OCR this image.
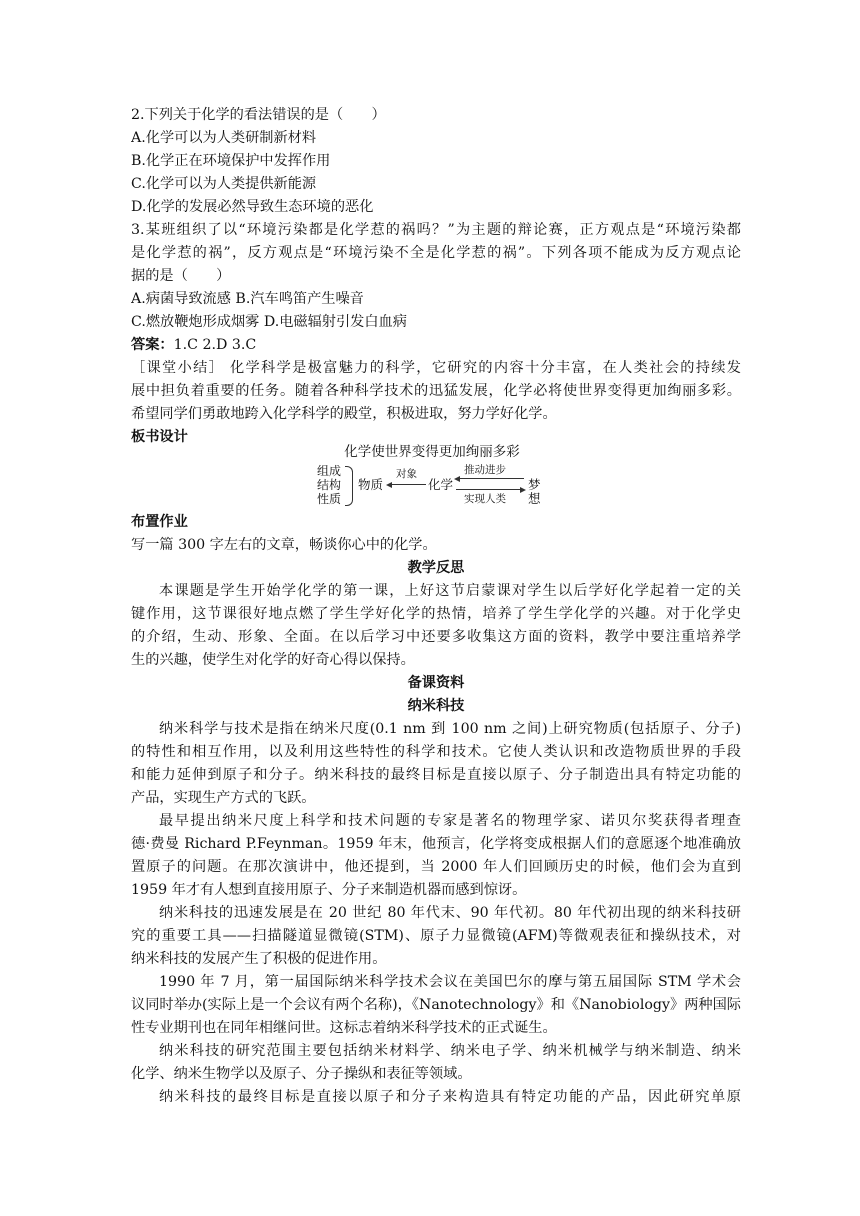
2.下列关于化学的看法错误的是（　　）
A.化学可以为人类研制新材料
B.化学正在环境保护中发挥作用
C.化学可以为人类提供新能源
D.化学的发展必然导致生态环境的恶化
3.某班组织了以“环境污染都是化学惹的祸吗？”为主题的辩论赛，正方观点是“环境污染都
是化学惹的祸”，反方观点是“环境污染不全是化学惹的祸”。下列各项不能成为反方观点论
据的是（　　）
A.病菌导致流感 B.汽车鸣笛产生噪音
C.燃放鞭炮形成烟雾 D.电磁辐射引发白血病
答案：1.C 2.D 3.C
［课堂小结］ 化学科学是极富魅力的科学，它研究的内容十分丰富，在人类社会的持续发
展中担负着重要的任务。随着各种科学技术的迅猛发展，化学必将使世界变得更加绚丽多彩。
希望同学们勇敢地跨入化学科学的殿堂，积极进取，努力学好化学。
板书设计
化学使世界变得更加绚丽多彩
组成
结构
性质
物质
对象
化学
推动进步
实现人类
梦想
布置作业
写一篇 300 字左右的文章，畅谈你心中的化学。
教学反思
本课题是学生开始学化学的第一课，上好这节启蒙课对学生以后学好化学起着一定的关
键作用，这节课很好地点燃了学生学好化学的热情，培养了学生学化学的兴趣。对于化学史
的介绍，生动、形象、全面。在以后学习中还要多收集这方面的资料，教学中要注重培养学
生的兴趣，使学生对化学的好奇心得以保持。
备课资料
纳米科技
纳米科学与技术是指在纳米尺度(0.1 nm 到 100 nm 之间)上研究物质(包括原子、分子)
的特性和相互作用，以及利用这些特性的科学和技术。它使人类认识和改造物质世界的手段
和能力延伸到原子和分子。纳米科技的最终目标是直接以原子、分子制造出具有特定功能的
产品，实现生产方式的飞跃。
最早提出纳米尺度上科学和技术问题的专家是著名的物理学家、诺贝尔奖获得者理查
德·费曼 Richard P.Feynman。1959 年末，他预言，化学将变成根据人们的意愿逐个地准确放
置原子的问题。在那次演讲中，他还提到，当 2000 年人们回顾历史的时候，他们会为直到
1959 年才有人想到直接用原子、分子来制造机器而感到惊讶。
纳米科技的迅速发展是在 20 世纪 80 年代末、90 年代初。80 年代初出现的纳米科技研
究的重要工具——扫描隧道显微镜(STM)、原子力显微镜(AFM)等微观表征和操纵技术，对
纳米科技的发展产生了积极的促进作用。
1990 年 7 月，第一届国际纳米科学技术会议在美国巴尔的摩与第五届国际 STM 学术会
议同时举办(实际上是一个会议有两个名称)，《Nanotechnology》和《Nanobiology》两种国际
性专业期刊也在同年相继问世。这标志着纳米科学技术的正式诞生。
纳米科技的研究范围主要包括纳米材料学、纳米电子学、纳米机械学与纳米制造、纳米
化学、纳米生物学以及原子、分子操纵和表征等领域。
纳米科技的最终目标是直接以原子和分子来构造具有特定功能的产品，因此研究单原
